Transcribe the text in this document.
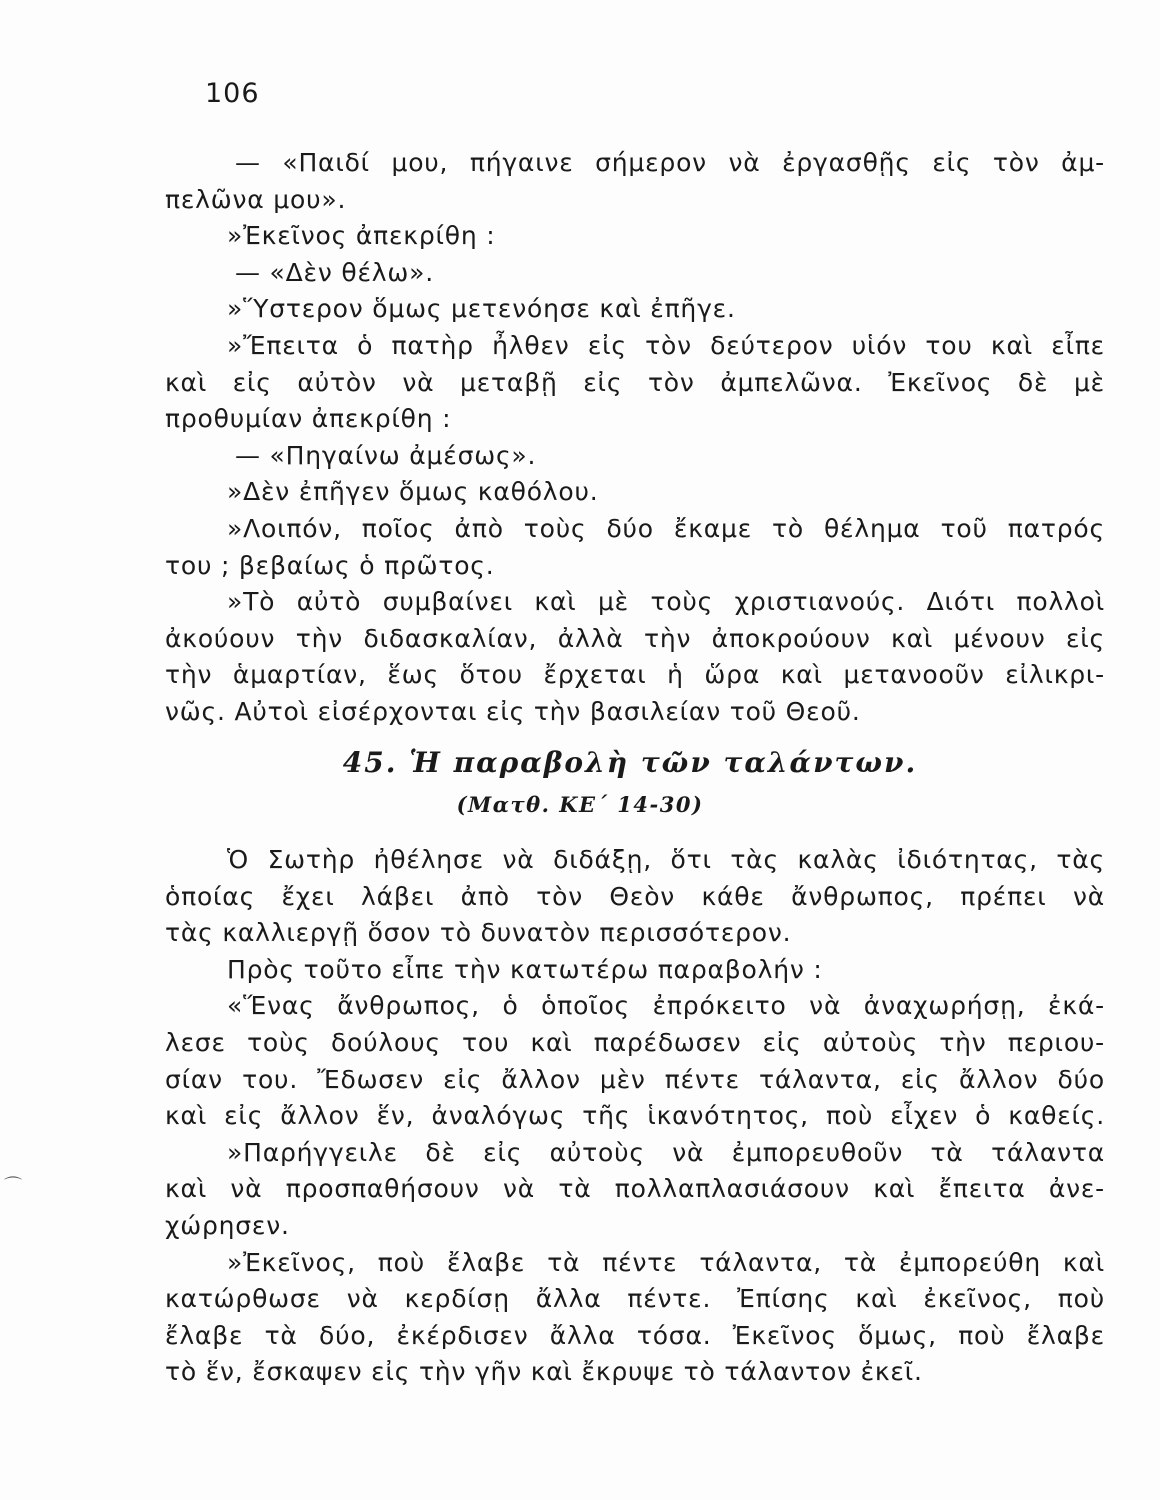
106
— «Παιδί μου, πήγαινε σήμερον νὰ ἐργασθῇς εἰς τὸν ἀμ-
πελῶνα μου».
»Ἐκεῖνος ἀπεκρίθη :
— «Δὲν θέλω».
»Ὕστερον ὅμως μετενόησε καὶ ἐπῆγε.
»Ἔπειτα ὁ πατὴρ ἦλθεν εἰς τὸν δεύτερον υἱόν του καὶ εἶπε
καὶ εἰς αὐτὸν νὰ μεταβῇ εἰς τὸν ἀμπελῶνα. Ἐκεῖνος δὲ μὲ
προθυμίαν ἀπεκρίθη :
— «Πηγαίνω ἀμέσως».
»Δὲν ἐπῆγεν ὅμως καθόλου.
»Λοιπόν, ποῖος ἀπὸ τοὺς δύο ἔκαμε τὸ θέλημα τοῦ πατρός
του ; βεβαίως ὁ πρῶτος.
»Τὸ αὐτὸ συμβαίνει καὶ μὲ τοὺς χριστιανούς. Διότι πολλοὶ
ἀκούουν τὴν διδασκαλίαν, ἀλλὰ τὴν ἀποκρούουν καὶ μένουν εἰς
τὴν ἁμαρτίαν, ἕως ὅτου ἔρχεται ἡ ὥρα καὶ μετανοοῦν εἰλικρι-
νῶς. Αὐτοὶ εἰσέρχονται εἰς τὴν βασιλείαν τοῦ Θεοῦ.
45. Ἡ παραβολὴ τῶν ταλάντων.
(Ματθ. ΚΕ΄ 14-30)
Ὁ Σωτὴρ ἠθέλησε νὰ διδάξῃ, ὅτι τὰς καλὰς ἰδιότητας, τὰς
ὁποίας ἔχει λάβει ἀπὸ τὸν Θεὸν κάθε ἄνθρωπος, πρέπει νὰ
τὰς καλλιεργῇ ὅσον τὸ δυνατὸν περισσότερον.
Πρὸς τοῦτο εἶπε τὴν κατωτέρω παραβολήν :
«Ἕνας ἄνθρωπος, ὁ ὁποῖος ἐπρόκειτο νὰ ἀναχωρήσῃ, ἐκά-
λεσε τοὺς δούλους του καὶ παρέδωσεν εἰς αὐτοὺς τὴν περιου-
σίαν του. Ἔδωσεν εἰς ἄλλον μὲν πέντε τάλαντα, εἰς ἄλλον δύο
καὶ εἰς ἄλλον ἕν, ἀναλόγως τῆς ἱκανότητος, ποὺ εἶχεν ὁ καθείς.
»Παρήγγειλε δὲ εἰς αὐτοὺς νὰ ἐμπορευθοῦν τὰ τάλαντα
καὶ νὰ προσπαθήσουν νὰ τὰ πολλαπλασιάσουν καὶ ἔπειτα ἀνε-
χώρησεν.
»Ἐκεῖνος, ποὺ ἔλαβε τὰ πέντε τάλαντα, τὰ ἐμπορεύθη καὶ
κατώρθωσε νὰ κερδίσῃ ἄλλα πέντε. Ἐπίσης καὶ ἐκεῖνος, ποὺ
ἔλαβε τὰ δύο, ἐκέρδισεν ἄλλα τόσα. Ἐκεῖνος ὅμως, ποὺ ἔλαβε
τὸ ἕν, ἔσκαψεν εἰς τὴν γῆν καὶ ἔκρυψε τὸ τάλαντον ἐκεῖ.
⌒
